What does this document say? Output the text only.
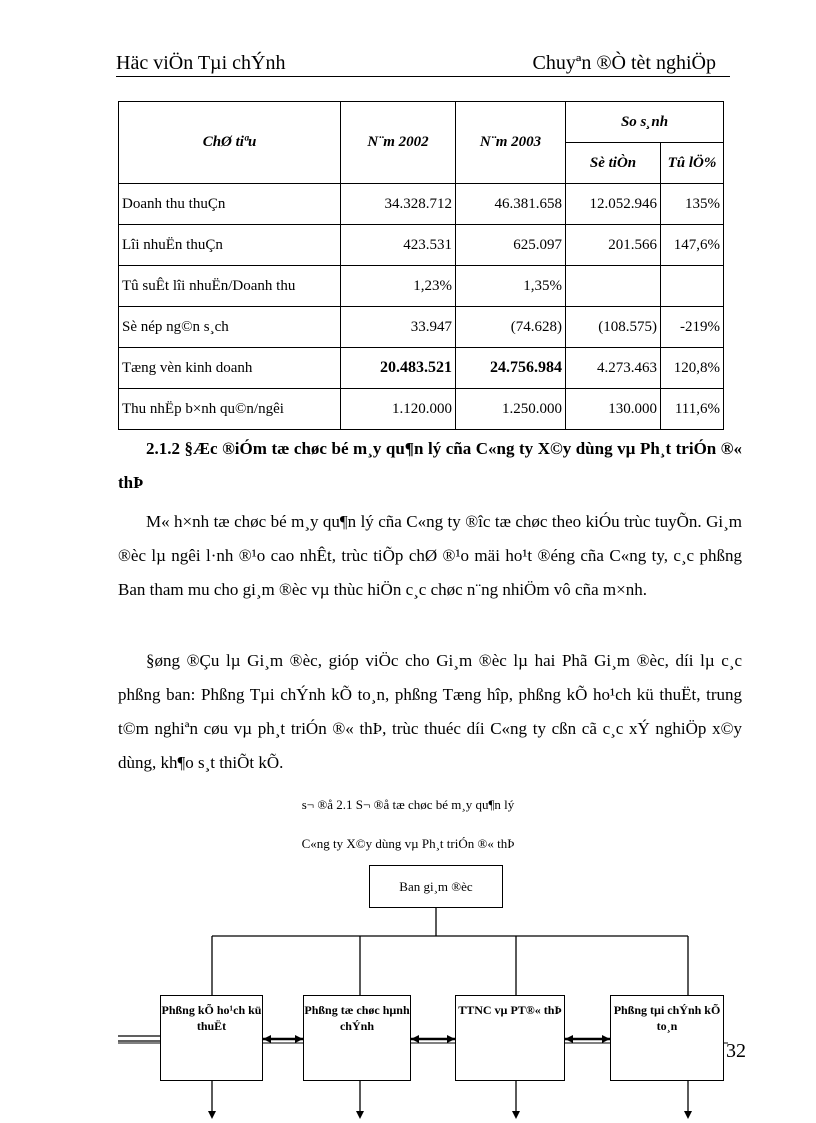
Häc viÖn Tµi chÝnh	Chuyªn ®Ò tèt nghiÖp
ChØ tiªu	N¨m 2002	N¨m 2003	So s¸nh	
			Sè tiÒn	Tû lÖ%
Doanh thu thuÇn	34.328.712	46.381.658	12.052.946	135%
Lîi nhuËn thuÇn	423.531	625.097	201.566	147,6%
Tû suÊt lîi nhuËn/Doanh thu	1,23%	1,35%		
Sè nép ng©n s¸ch	33.947	(74.628)	(108.575)	-219%
Tæng vèn kinh doanh	20.483.521	24.756.984	4.273.463	120,8%
Thu nhËp b×nh qu©n/ngêi	1.120.000	1.250.000	130.000	111,6%

2.1.2 §Æc ®iÓm tæ chøc bé m¸y qu¶n lý cña C«ng ty X©y dùng vµ Ph¸t triÓn ®« thÞ

M« h×nh tæ chøc bé m¸y qu¶n lý cña C«ng ty ®îc tæ chøc theo kiÓu trùc tuyÕn. Gi¸m ®èc lµ ngêi l·nh ®¹o cao nhÊt, trùc tiÕp chØ ®¹o mäi ho¹t ®éng cña C«ng ty, c¸c phßng Ban tham mu cho gi¸m ®èc vµ thùc hiÖn c¸c chøc n¨ng nhiÖm vô cña m×nh.

§øng ®Çu lµ Gi¸m ®èc, gióp viÖc cho Gi¸m ®èc lµ hai Phã Gi¸m ®èc, díi lµ c¸c phßng ban: Phßng Tµi chÝnh kÕ to¸n, phßng Tæng hîp, phßng kÕ ho¹ch kü thuËt, trung t©m nghiªn cøu vµ ph¸t triÓn ®« thÞ, trùc thuéc díi C«ng ty cßn cã c¸c xÝ nghiÖp x©y dùng, kh¶o s¸t thiÕt kÕ.

s¬ ®å 2.1 S¬ ®å tæ chøc bé m¸y qu¶n lý
C«ng ty X©y dùng vµ Ph¸t triÓn ®« thÞ
Ban gi¸m ®èc
Phßng kÕ ho¹ch kü thuËt
Phßng tæ chøc hµnh chÝnh
TTNC vµ PT®« thÞ	Phßng tµi chÝnh kÕ to¸n
32
